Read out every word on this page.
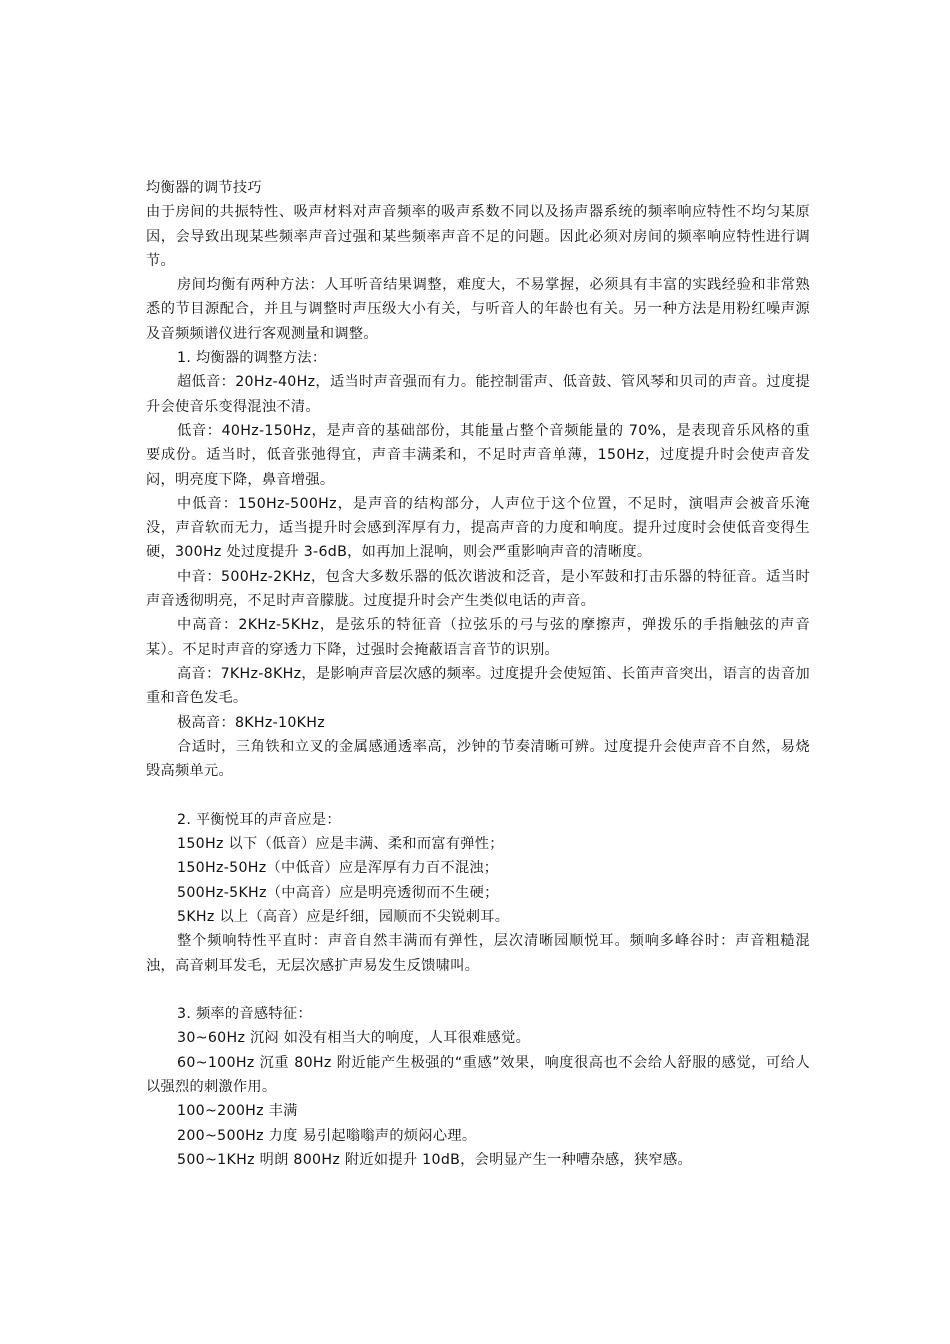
均衡器的调节技巧

由于房间的共振特性、吸声材料对声音频率的吸声系数不同以及扬声器系统的频率响应特性不均匀某原因，会导致出现某些频率声音过强和某些频率声音不足的问题。因此必须对房间的频率响应特性进行调节。

房间均衡有两种方法：人耳听音结果调整，难度大，不易掌握，必须具有丰富的实践经验和非常熟悉的节目源配合，并且与调整时声压级大小有关，与听音人的年龄也有关。另一种方法是用粉红噪声源及音频频谱仪进行客观测量和调整。

1. 均衡器的调整方法：

超低音：20Hz-40Hz，适当时声音强而有力。能控制雷声、低音鼓、管风琴和贝司的声音。过度提升会使音乐变得混浊不清。

低音：40Hz-150Hz，是声音的基础部份，其能量占整个音频能量的 70%，是表现音乐风格的重要成份。适当时，低音张弛得宜，声音丰满柔和，不足时声音单薄，150Hz，过度提升时会使声音发闷，明亮度下降，鼻音增强。

中低音：150Hz-500Hz，是声音的结构部分，人声位于这个位置，不足时，演唱声会被音乐淹没，声音软而无力，适当提升时会感到浑厚有力，提高声音的力度和响度。提升过度时会使低音变得生硬，300Hz 处过度提升 3-6dB，如再加上混响，则会严重影响声音的清晰度。

中音：500Hz-2KHz，包含大多数乐器的低次谐波和泛音，是小军鼓和打击乐器的特征音。适当时声音透彻明亮，不足时声音朦胧。过度提升时会产生类似电话的声音。

中高音：2KHz-5KHz，是弦乐的特征音（拉弦乐的弓与弦的摩擦声，弹拨乐的手指触弦的声音某）。不足时声音的穿透力下降，过强时会掩蔽语言音节的识别。

高音：7KHz-8KHz，是影响声音层次感的频率。过度提升会使短笛、长笛声音突出，语言的齿音加重和音色发毛。

极高音：8KHz-10KHz

合适时，三角铁和立叉的金属感通透率高，沙钟的节奏清晰可辨。过度提升会使声音不自然，易烧毁高频单元。

2. 平衡悦耳的声音应是：

150Hz 以下（低音）应是丰满、柔和而富有弹性；

150Hz-50Hz（中低音）应是浑厚有力百不混浊；

500Hz-5KHz（中高音）应是明亮透彻而不生硬；

5KHz 以上（高音）应是纤细，园顺而不尖锐刺耳。

整个频响特性平直时：声音自然丰满而有弹性，层次清晰园顺悦耳。频响多峰谷时：声音粗糙混浊，高音刺耳发毛，无层次感扩声易发生反馈啸叫。

3. 频率的音感特征：

30~60Hz 沉闷 如没有相当大的响度，人耳很难感觉。

60~100Hz 沉重 80Hz 附近能产生极强的“重感”效果，响度很高也不会给人舒服的感觉，可给人以强烈的刺激作用。

100~200Hz 丰满

200~500Hz 力度 易引起嗡嗡声的烦闷心理。

500~1KHz 明朗 800Hz 附近如提升 10dB，会明显产生一种嘈杂感，狭窄感。
